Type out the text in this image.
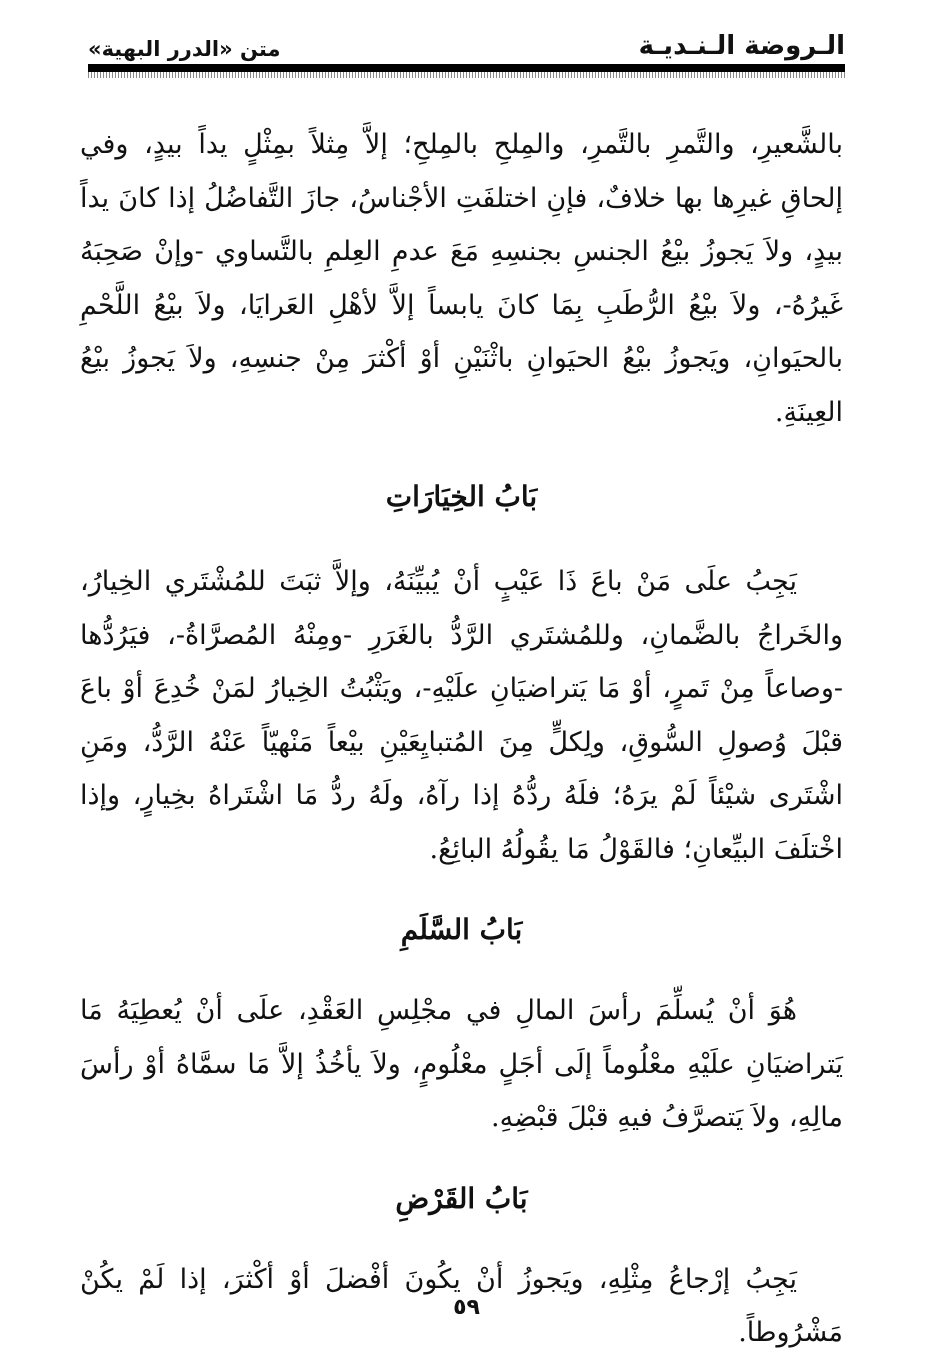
الـروضة الـنـديـة
متن «الدرر البهية»

بالشَّعيرِ، والتَّمرِ بالتَّمرِ، والمِلحِ بالمِلحِ؛ إلاَّ مِثلاً بمِثْلٍ يداً بيدٍ، وفي إلحاقِ غيرِها بها خلافٌ، فإنِ اختلفَتِ الأجْناسُ، جازَ التَّفاضُلُ إذا كانَ يداً بيدٍ، ولاَ يَجوزُ بيْعُ الجنسِ بجنسِهِ مَعَ عدمِ العِلمِ بالتَّساوي -وإنْ صَحِبَهُ غَيرُهُ-، ولاَ بيْعُ الرُّطَبِ بِمَا كانَ يابساً إلاَّ لأهْلِ العَرايَا، ولاَ بيْعُ اللَّحْمِ بالحيَوانِ، ويَجوزُ بيْعُ الحيَوانِ باثْنَيْنِ أوْ أكْثرَ مِنْ جنسِهِ، ولاَ يَجوزُ بيْعُ العِينَةِ.

بَابُ الخِيَارَاتِ

يَجِبُ علَى مَنْ باعَ ذَا عَيْبٍ أنْ يُبيِّنَهُ، وإلاَّ ثبَتَ للمُشْتَري الخِيارُ، والخَراجُ بالضَّمانِ، وللمُشتَري الرَّدُّ بالغَرَرِ -ومِنْهُ المُصرَّاةُ-، فيَرُدُّها -وصاعاً مِنْ تَمرٍ، أوْ مَا يَتراضيَانِ علَيْهِ-، ويَثْبُتُ الخِيارُ لمَنْ خُدِعَ أوْ باعَ قبْلَ وُصولِ السُّوقِ، ولِكلٍّ مِنَ المُتبايِعَيْنِ بيْعاً مَنْهيّاً عَنْهُ الرَّدُّ، ومَنِ اشْتَرى شيْئاً لَمْ يرَهُ؛ فلَهُ ردُّهُ إذا رآهُ، ولَهُ ردُّ مَا اشْتَراهُ بخِيارٍ، وإذا اخْتلَفَ البيِّعانِ؛ فالقَوْلُ مَا يقُولُهُ البائِعُ.

بَابُ السَّلَمِ

هُوَ أنْ يُسلِّمَ رأسَ المالِ في مجْلِسِ العَقْدِ، علَى أنْ يُعطِيَهُ مَا يَتراضيَانِ علَيْهِ معْلُوماً إلَى أجَلٍ معْلُومٍ، ولاَ يأخُذُ إلاَّ مَا سمَّاهُ أوْ رأسَ مالِهِ، ولاَ يَتصرَّفُ فيهِ قبْلَ قبْضِهِ.

بَابُ القَرْضِ

يَجِبُ إرْجاعُ مِثْلِهِ، ويَجوزُ أنْ يكُونَ أفْضلَ أوْ أكْثرَ، إذا لَمْ يكُنْ مَشْرُوطاً.

٥٩
